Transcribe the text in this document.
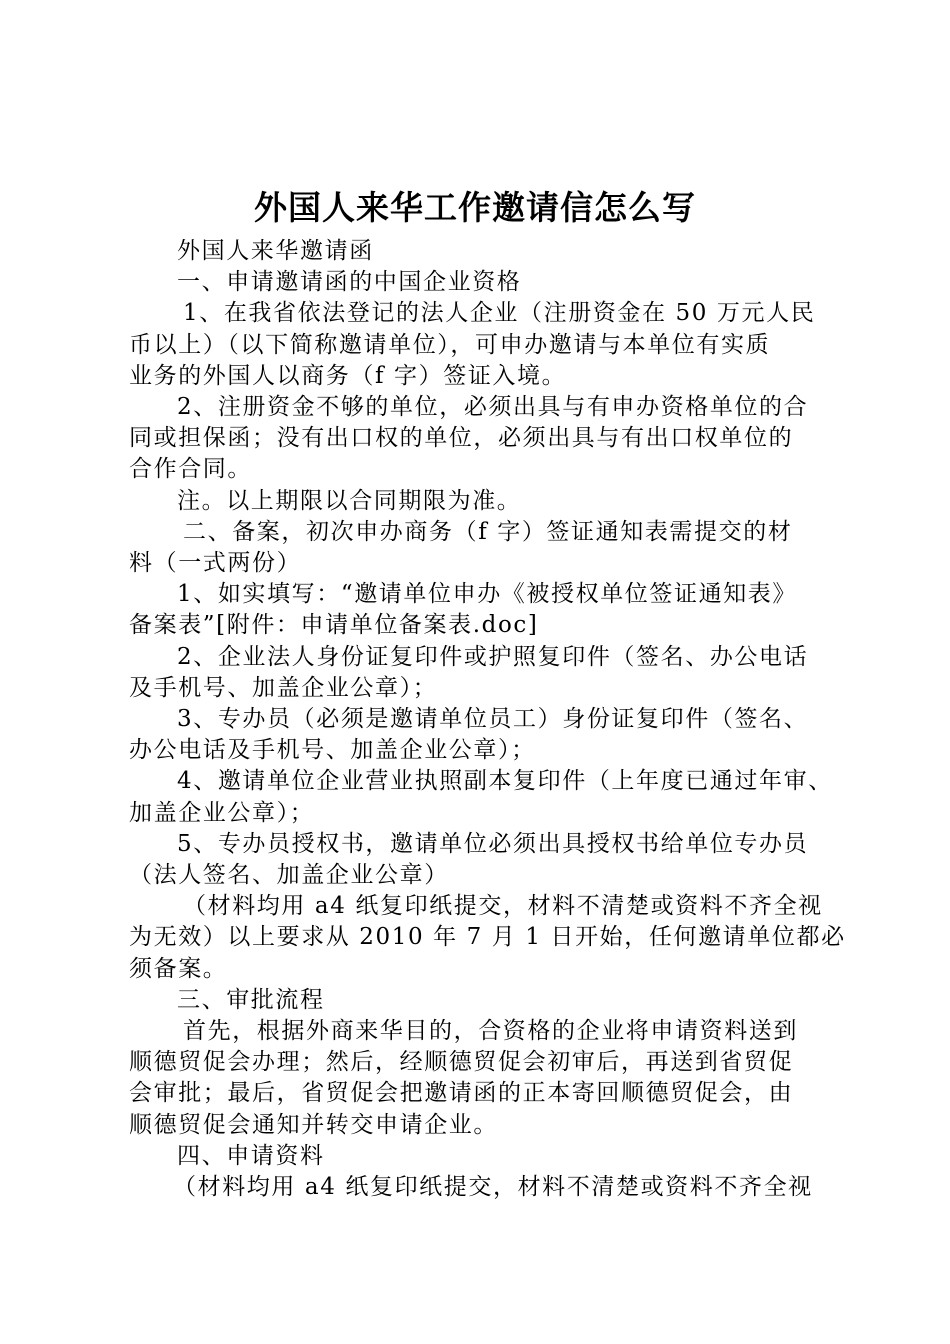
外国人来华工作邀请信怎么写

外国人来华邀请函

一、申请邀请函的中国企业资格

1、在我省依法登记的法人企业（注册资金在 50 万元人民

币以上）（以下简称邀请单位），可申办邀请与本单位有实质

业务的外国人以商务（f 字）签证入境。

2、注册资金不够的单位，必须出具与有申办资格单位的合

同或担保函；没有出口权的单位，必须出具与有出口权单位的

合作合同。

注。以上期限以合同期限为准。

二、备案，初次申办商务（f 字）签证通知表需提交的材

料（一式两份）

1、如实填写：“邀请单位申办《被授权单位签证通知表》

备案表”[附件：申请单位备案表.doc]

2、企业法人身份证复印件或护照复印件（签名、办公电话

及手机号、加盖企业公章）；

3、专办员（必须是邀请单位员工）身份证复印件（签名、

办公电话及手机号、加盖企业公章）；

4、邀请单位企业营业执照副本复印件（上年度已通过年审、

加盖企业公章）；

5、专办员授权书，邀请单位必须出具授权书给单位专办员

（法人签名、加盖企业公章）

（材料均用 a4 纸复印纸提交，材料不清楚或资料不齐全视

为无效）以上要求从 2010 年 7 月 1 日开始，任何邀请单位都必

须备案。

三、审批流程

首先，根据外商来华目的，合资格的企业将申请资料送到

顺德贸促会办理；然后，经顺德贸促会初审后，再送到省贸促

会审批；最后，省贸促会把邀请函的正本寄回顺德贸促会，由

顺德贸促会通知并转交申请企业。

四、申请资料

（材料均用 a4 纸复印纸提交，材料不清楚或资料不齐全视
